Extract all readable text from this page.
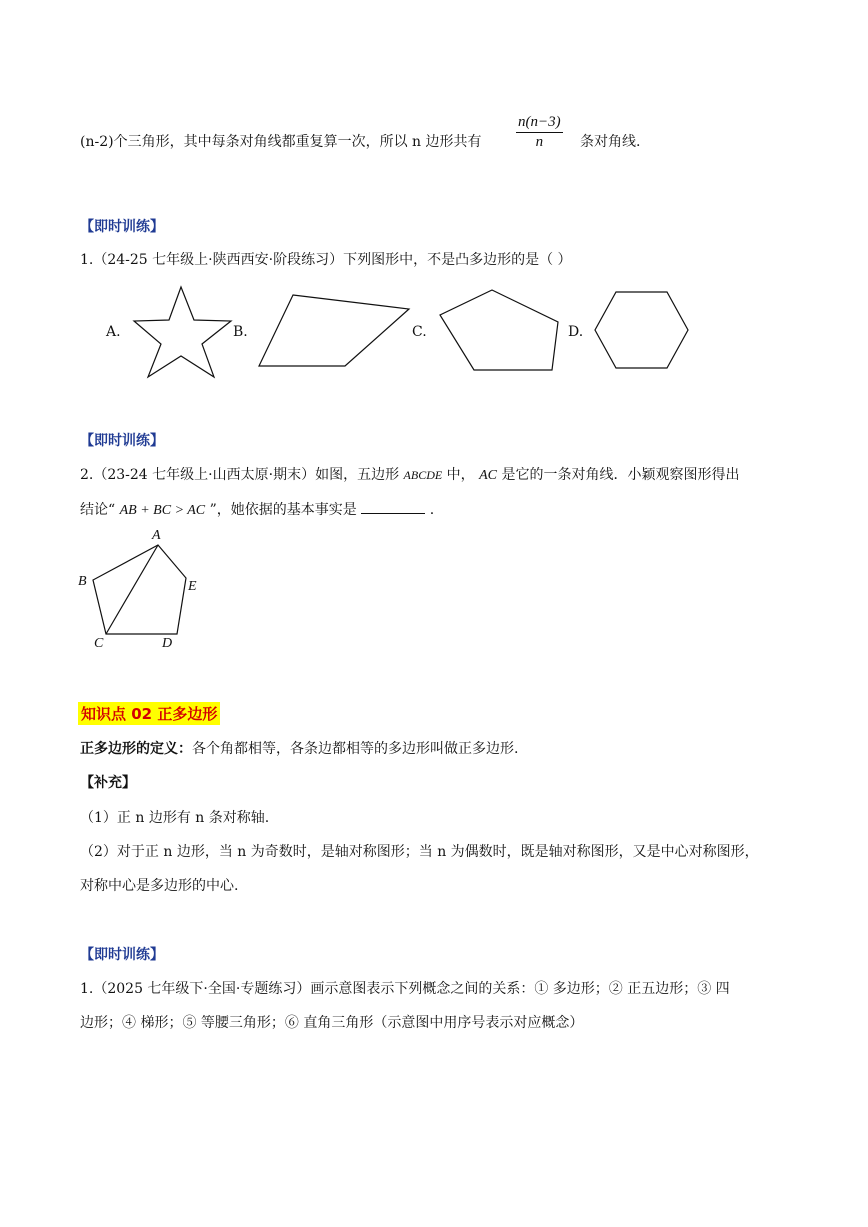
(n-2)个三角形，其中每条对角线都重复算一次，所以 n 边形共有 $\frac{n(n-3)}{n}$ 条对角线.
【即时训练】
1.（24-25 七年级上·陕西西安·阶段练习）下列图形中，不是凸多边形的是（ ）
A.	B.	C.	D.
【即时训练】
2.（23-24 七年级上·山西太原·期末）如图，五边形 ABCDE 中， AC 是它的一条对角线．小颖观察图形得出
结论“ AB + BC > AC ”，她依据的基本事实是	.
A
B
C	D
E
知识点 02 正多边形
正多边形的定义：各个角都相等，各条边都相等的多边形叫做正多边形.
【补充】
（1）正 n 边形有 n 条对称轴.
（2）对于正 n 边形，当 n 为奇数时，是轴对称图形；当 n 为偶数时，既是轴对称图形，又是中心对称图形，
对称中心是多边形的中心.
【即时训练】
1.（2025 七年级下·全国·专题练习）画示意图表示下列概念之间的关系：① 多边形；② 正五边形；③ 四
边形；④ 梯形；⑤ 等腰三角形；⑥ 直角三角形（示意图中用序号表示对应概念）
